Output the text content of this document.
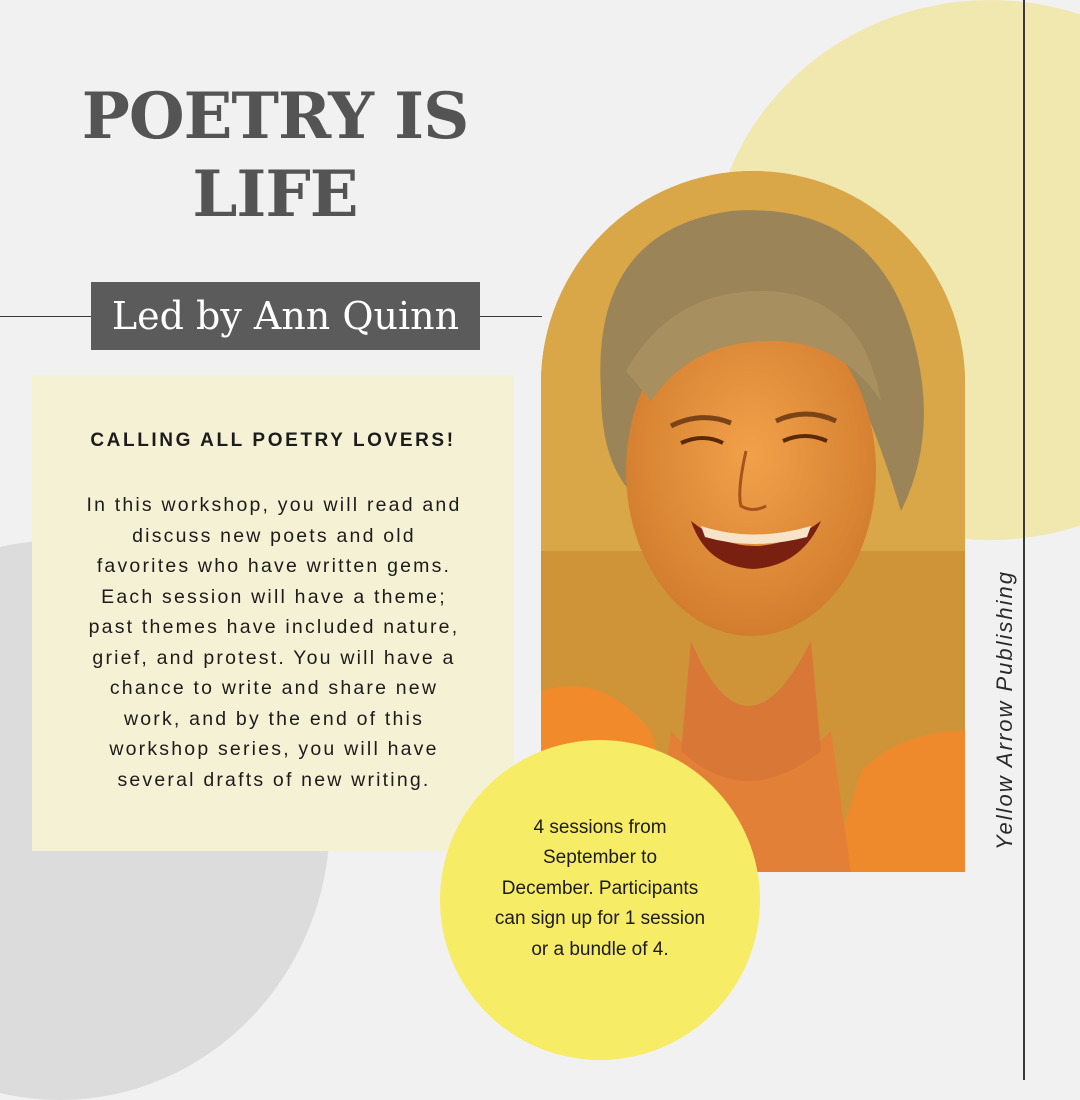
POETRY IS
LIFE
Led by Ann Quinn
CALLING ALL POETRY LOVERS!
In this workshop, you will read and
discuss new poets and old
favorites who have written gems.
Each session will have a theme;
past themes have included nature,
grief, and protest. You will have a
chance to write and share new
work, and by the end of this
workshop series, you will have
several drafts of new writing.
4 sessions from
September to
December. Participants
can sign up for 1 session
or a bundle of 4.
Yellow Arrow Publishing
